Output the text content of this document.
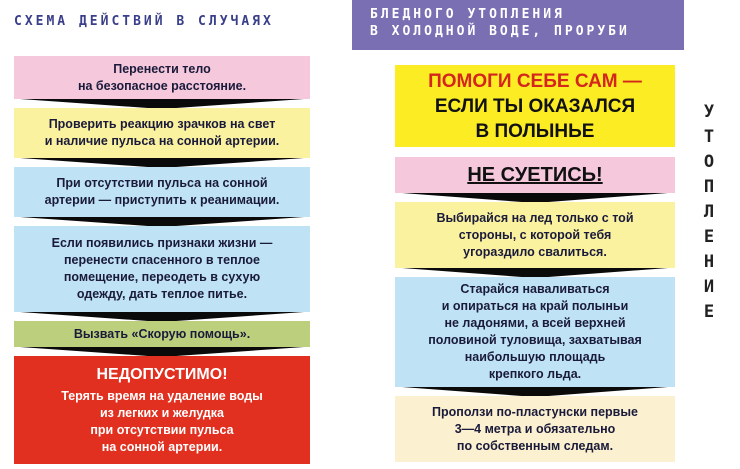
СХЕМА ДЕЙСТВИЙ В СЛУЧАЯХ	БЛЕДНОГО УТОПЛЕНИЯ
В ХОЛОДНОЙ ВОДЕ, ПРОРУБИ
У
Т
О
П
Л
Е
Н
И
Е
Перенести тело
на безопасное расстояние.
Проверить реакцию зрачков на свет
и наличие пульса на сонной артерии.
При отсутствии пульса на сонной
артерии — приступить к реанимации.
Если появились признаки жизни —
перенести спасенного в теплое
помещение, переодеть в сухую
одежду, дать теплое питье.
Вызвать «Скорую помощь».
НЕДОПУСТИМО!
Терять время на удаление воды
из легких и желудка
при отсутствии пульса
на сонной артерии.
ПОМОГИ СЕБЕ САМ —
ЕСЛИ ТЫ ОКАЗАЛСЯ
В ПОЛЫНЬЕ
НЕ СУЕТИСЬ!
Выбирайся на лед только с той
стороны, с которой тебя
угораздило свалиться.
Старайся наваливаться
и опираться на край полыньи
не ладонями, а всей верхней
половиной туловища, захватывая
наибольшую площадь
крепкого льда.
Проползи по-пластунски первые
3—4 метра и обязательно
по собственным следам.
